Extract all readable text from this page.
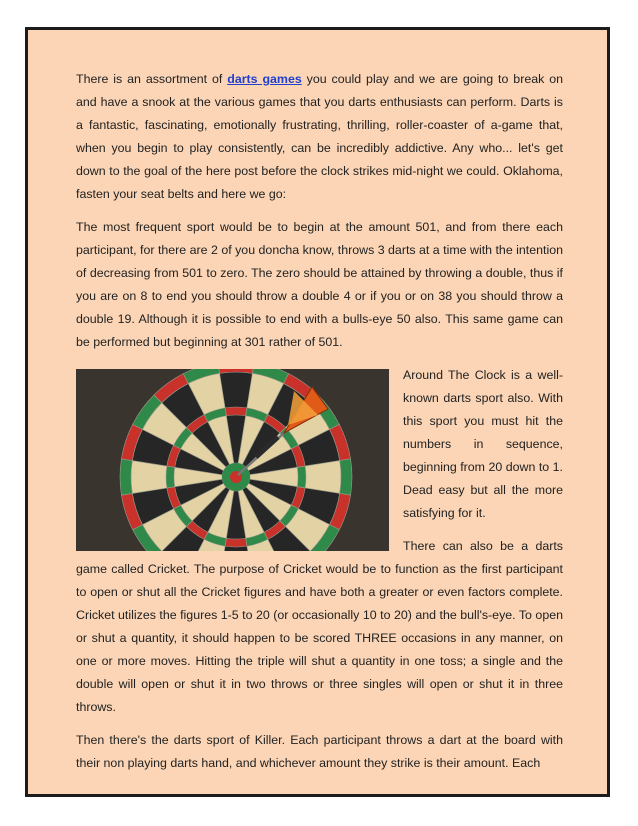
There is an assortment of darts games you could play and we are going to break on and have a snook at the various games that you darts enthusiasts can perform. Darts is a fantastic, fascinating, emotionally frustrating, thrilling, roller-coaster of a-game that, when you begin to play consistently, can be incredibly addictive. Any who... let's get down to the goal of the here post before the clock strikes mid-night we could. Oklahoma, fasten your seat belts and here we go:

The most frequent sport would be to begin at the amount 501, and from there each participant, for there are 2 of you doncha know, throws 3 darts at a time with the intention of decreasing from 501 to zero. The zero should be attained by throwing a double, thus if you are on 8 to end you should throw a double 4 or if you or on 38 you should throw a double 19. Although it is possible to end with a bulls-eye 50 also. This same game can be performed but beginning at 301 rather of 501.

Around The Clock is a well-known darts sport also. With this sport you must hit the numbers in sequence, beginning from 20 down to 1. Dead easy but all the more satisfying for it.

There can also be a darts game called Cricket. The purpose of Cricket would be to function as the first participant to open or shut all the Cricket figures and have both a greater or even factors complete. Cricket utilizes the figures 1-5 to 20 (or occasionally 10 to 20) and the bull's-eye. To open or shut a quantity, it should happen to be scored THREE occasions in any manner, on one or more moves. Hitting the triple will shut a quantity in one toss; a single and the double will open or shut it in two throws or three singles will open or shut it in three throws.

Then there's the darts sport of Killer. Each participant throws a dart at the board with their non playing darts hand, and whichever amount they strike is their amount. Each
